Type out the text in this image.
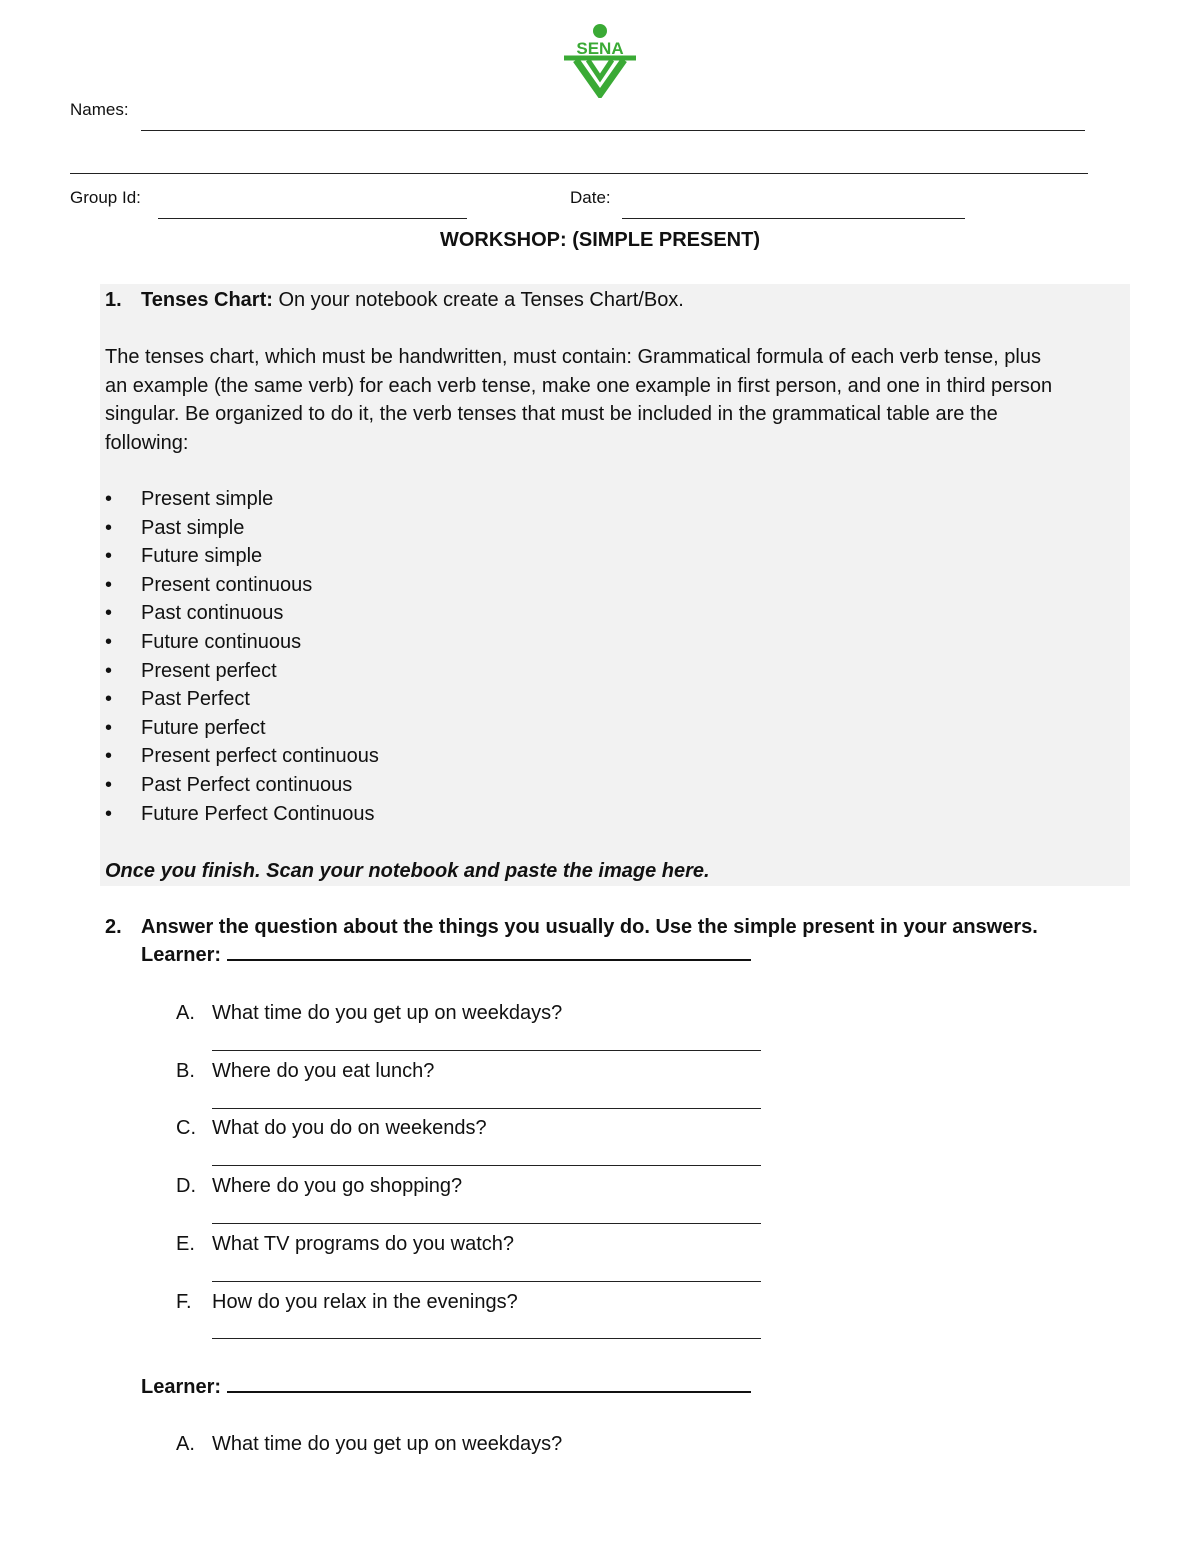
SENA
Names:
Group Id:	Date:
WORKSHOP: (SIMPLE PRESENT)
1. Tenses Chart: On your notebook create a Tenses Chart/Box.
The tenses chart, which must be handwritten, must contain: Grammatical formula of each verb tense, plus
an example (the same verb) for each verb tense, make one example in first person, and one in third person
singular. Be organized to do it, the verb tenses that must be included in the grammatical table are the
following:
• Present simple
• Past simple
• Future simple
• Present continuous
• Past continuous
• Future continuous
• Present perfect
• Past Perfect
• Future perfect
• Present perfect continuous
• Past Perfect continuous
• Future Perfect Continuous
Once you finish. Scan your notebook and paste the image here.
2. Answer the question about the things you usually do. Use the simple present in your answers.
Learner:
A. What time do you get up on weekdays?
B. Where do you eat lunch?
C. What do you do on weekends?
D. Where do you go shopping?
E. What TV programs do you watch?
F. How do you relax in the evenings?
Learner:
A. What time do you get up on weekdays?
